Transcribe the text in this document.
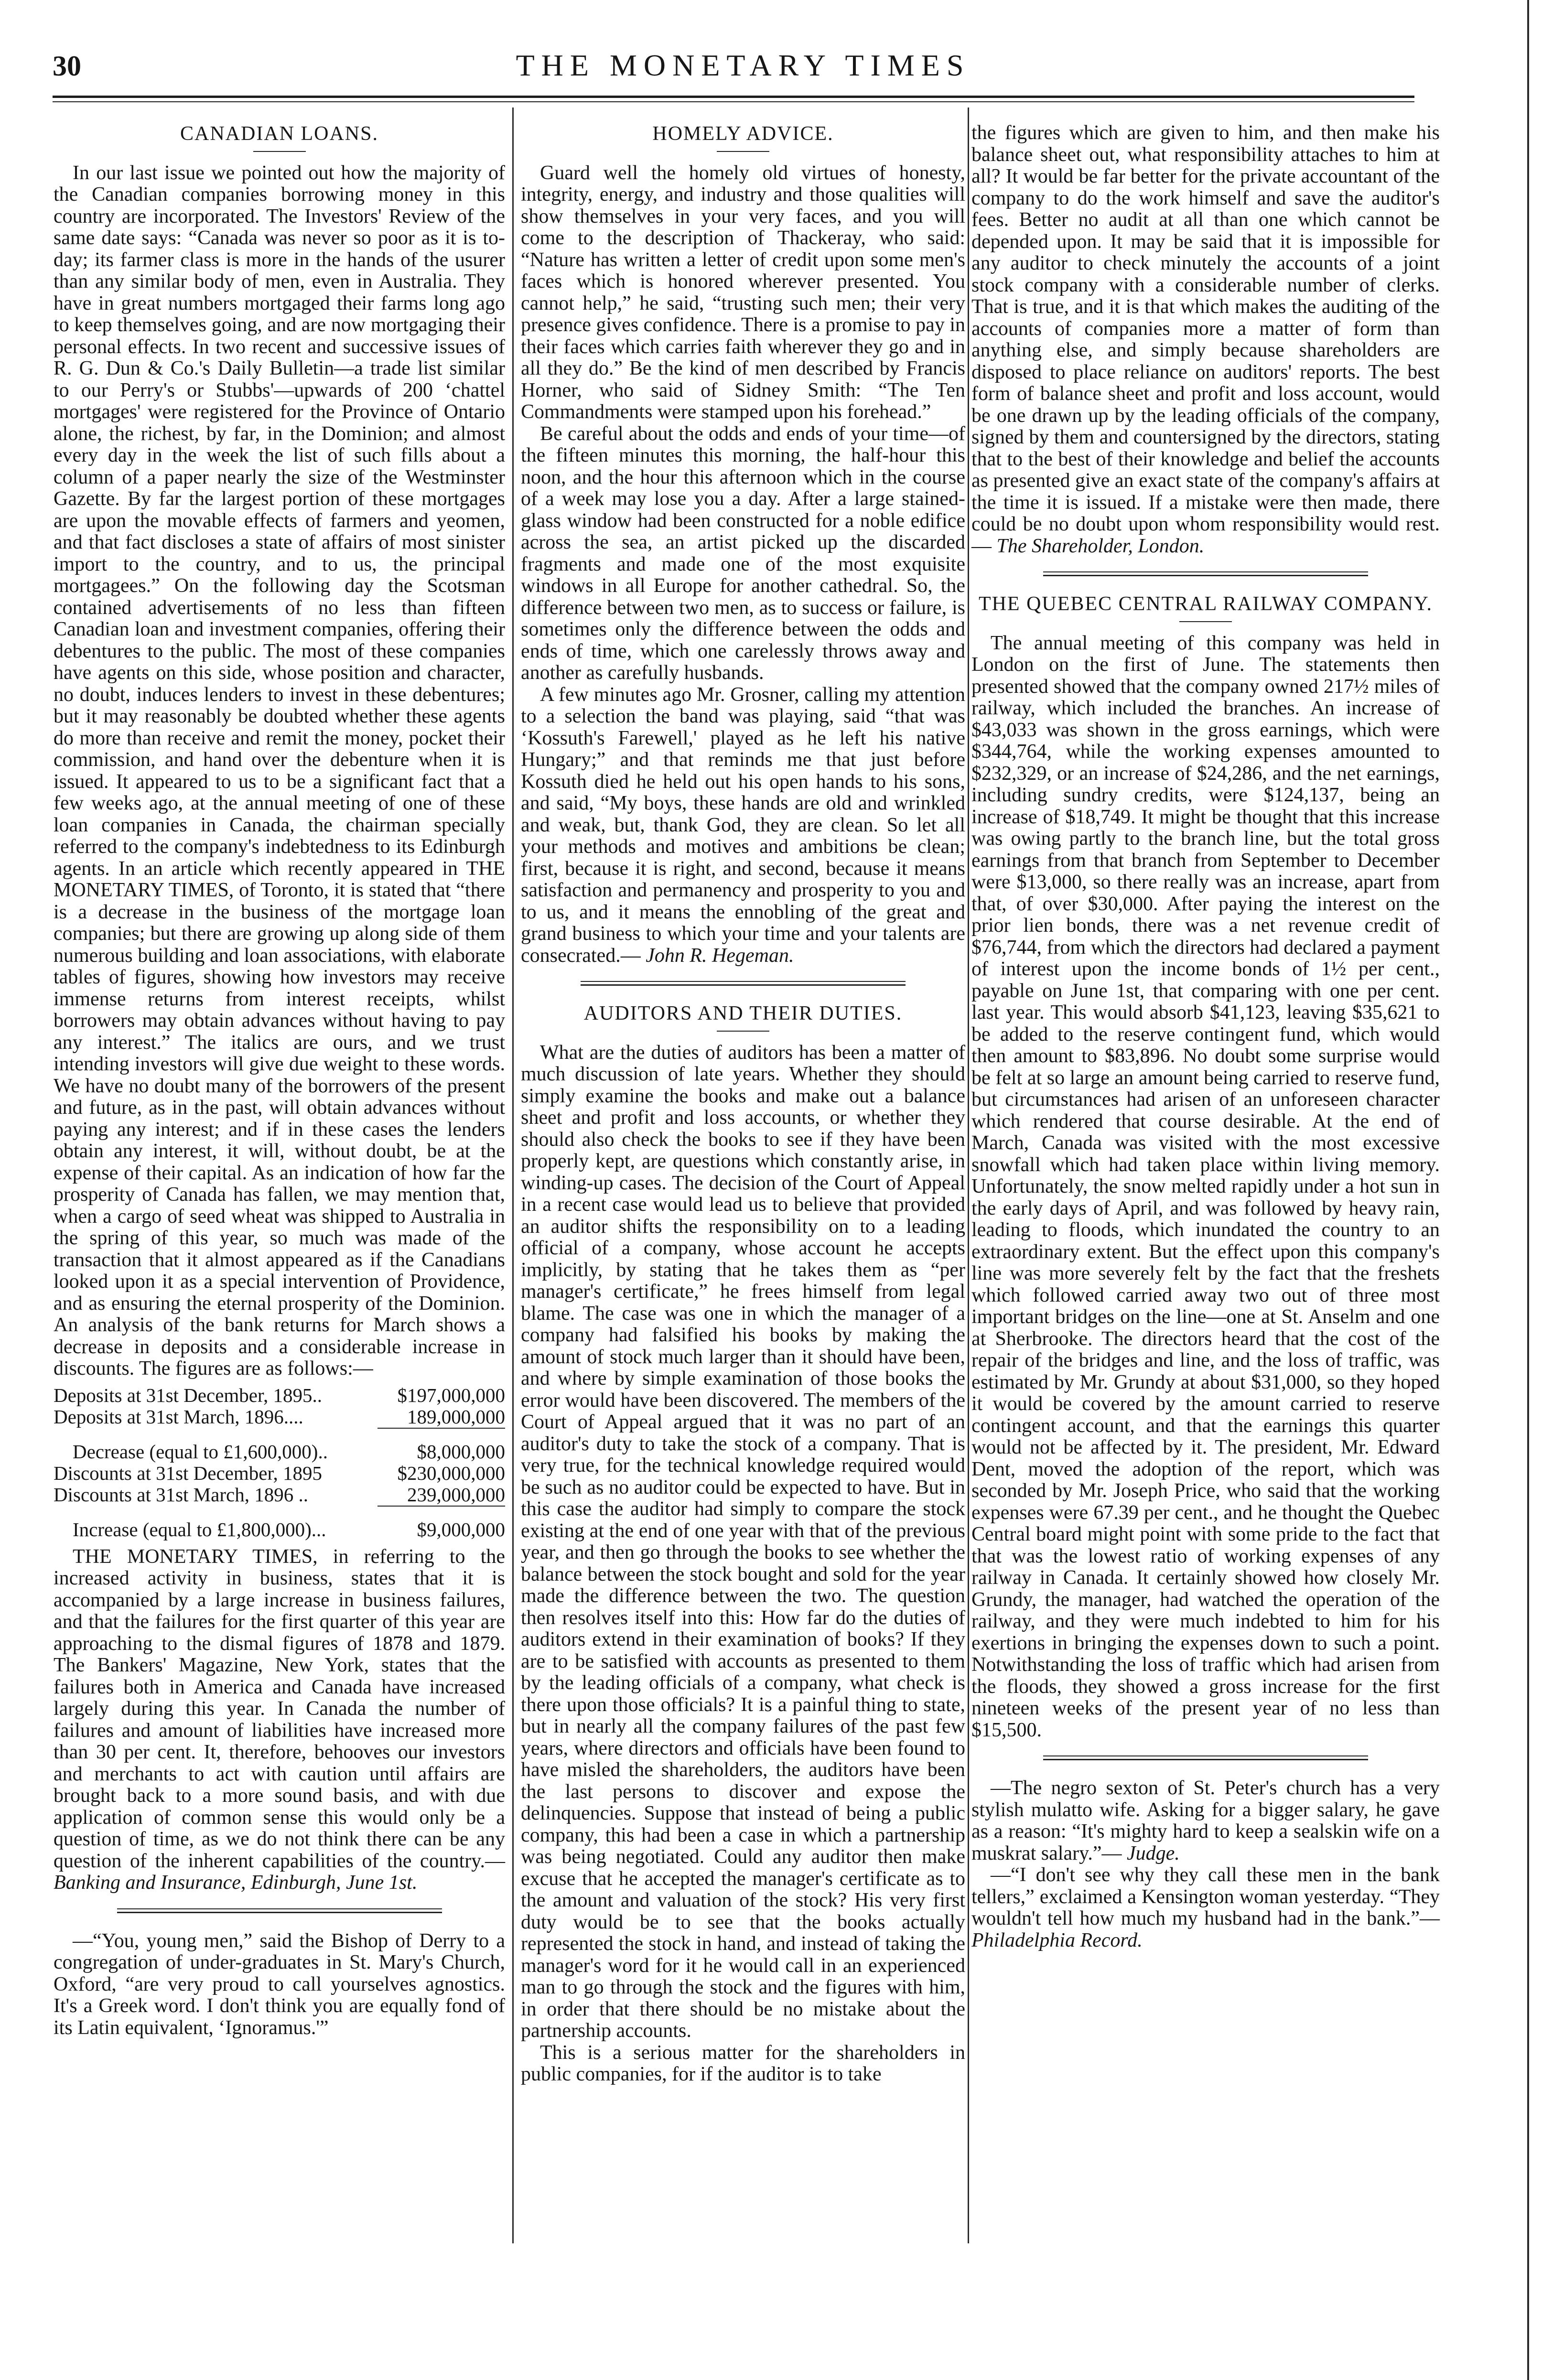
30	THE MONETARY TIMES
CANADIAN LOANS.

In our last issue we pointed out how the majority of the Canadian companies borrowing money in this country are incorporated. The Investors' Review of the same date says: “Canada was never so poor as it is to-day; its farmer class is more in the hands of the usurer than any similar body of men, even in Australia. They have in great numbers mortgaged their farms long ago to keep themselves going, and are now mortgaging their personal effects. In two recent and successive issues of R. G. Dun & Co.'s Daily Bulletin—a trade list similar to our Perry's or Stubbs'—upwards of 200 ‘chattel mortgages' were registered for the Province of Ontario alone, the richest, by far, in the Dominion; and almost every day in the week the list of such fills about a column of a paper nearly the size of the Westminster Gazette. By far the largest portion of these mortgages are upon the movable effects of farmers and yeomen, and that fact discloses a state of affairs of most sinister import to the country, and to us, the principal mortgagees.” On the following day the Scotsman contained advertisements of no less than fifteen Canadian loan and investment companies, offering their debentures to the public. The most of these companies have agents on this side, whose position and character, no doubt, induces lenders to invest in these debentures; but it may reasonably be doubted whether these agents do more than receive and remit the money, pocket their commission, and hand over the debenture when it is issued. It appeared to us to be a significant fact that a few weeks ago, at the annual meeting of one of these loan companies in Canada, the chairman specially referred to the company's indebtedness to its Edinburgh agents. In an article which recently appeared in THE MONETARY TIMES, of Toronto, it is stated that “there is a decrease in the business of the mortgage loan companies; but there are growing up along side of them numerous building and loan associations, with elaborate tables of figures, showing how investors may receive immense returns from interest receipts, whilst borrowers may obtain advances without having to pay any interest.” The italics are ours, and we trust intending investors will give due weight to these words. We have no doubt many of the borrowers of the present and future, as in the past, will obtain advances without paying any interest; and if in these cases the lenders obtain any interest, it will, without doubt, be at the expense of their capital. As an indication of how far the prosperity of Canada has fallen, we may mention that, when a cargo of seed wheat was shipped to Australia in the spring of this year, so much was made of the transaction that it almost appeared as if the Canadians looked upon it as a special intervention of Providence, and as ensuring the eternal prosperity of the Dominion. An analysis of the bank returns for March shows a decrease in deposits and a considerable increase in discounts. The figures are as follows:—

Deposits at 31st December, 1895..	$197,000,000
Deposits at 31st March, 1896....	189,000,000

Decrease (equal to £1,600,000)..	$8,000,000
Discounts at 31st December, 1895	$230,000,000
Discounts at 31st March, 1896 ..	239,000,000

Increase (equal to £1,800,000)...	$9,000,000

THE MONETARY TIMES, in referring to the increased activity in business, states that it is accompanied by a large increase in business failures, and that the failures for the first quarter of this year are approaching to the dismal figures of 1878 and 1879. The Bankers' Magazine, New York, states that the failures both in America and Canada have increased largely during this year. In Canada the number of failures and amount of liabilities have increased more than 30 per cent. It, therefore, behooves our investors and merchants to act with caution until affairs are brought back to a more sound basis, and with due application of common sense this would only be a question of time, as we do not think there can be any question of the inherent capabilities of the country.— Banking and Insurance, Edinburgh, June 1st.

—“You, young men,” said the Bishop of Derry to a congregation of under-graduates in St. Mary's Church, Oxford, “are very proud to call yourselves agnostics. It's a Greek word. I don't think you are equally fond of its Latin equivalent, ‘Ignoramus.'”

HOMELY ADVICE.

Guard well the homely old virtues of honesty, integrity, energy, and industry and those qualities will show themselves in your very faces, and you will come to the description of Thackeray, who said: “Nature has written a letter of credit upon some men's faces which is honored wherever presented. You cannot help,” he said, “trusting such men; their very presence gives confidence. There is a promise to pay in their faces which carries faith wherever they go and in all they do.” Be the kind of men described by Francis Horner, who said of Sidney Smith: “The Ten Commandments were stamped upon his forehead.”

Be careful about the odds and ends of your time—of the fifteen minutes this morning, the half-hour this noon, and the hour this afternoon which in the course of a week may lose you a day. After a large stained-glass window had been constructed for a noble edifice across the sea, an artist picked up the discarded fragments and made one of the most exquisite windows in all Europe for another cathedral. So, the difference between two men, as to success or failure, is sometimes only the difference between the odds and ends of time, which one carelessly throws away and another as carefully husbands.

A few minutes ago Mr. Grosner, calling my attention to a selection the band was playing, said “that was ‘Kossuth's Farewell,' played as he left his native Hungary;” and that reminds me that just before Kossuth died he held out his open hands to his sons, and said, “My boys, these hands are old and wrinkled and weak, but, thank God, they are clean. So let all your methods and motives and ambitions be clean; first, because it is right, and second, because it means satisfaction and permanency and prosperity to you and to us, and it means the ennobling of the great and grand business to which your time and your talents are consecrated.— John R. Hegeman.

AUDITORS AND THEIR DUTIES.

What are the duties of auditors has been a matter of much discussion of late years. Whether they should simply examine the books and make out a balance sheet and profit and loss accounts, or whether they should also check the books to see if they have been properly kept, are questions which constantly arise, in winding-up cases. The decision of the Court of Appeal in a recent case would lead us to believe that provided an auditor shifts the responsibility on to a leading official of a company, whose account he accepts implicitly, by stating that he takes them as “per manager's certificate,” he frees himself from legal blame. The case was one in which the manager of a company had falsified his books by making the amount of stock much larger than it should have been, and where by simple examination of those books the error would have been discovered. The members of the Court of Appeal argued that it was no part of an auditor's duty to take the stock of a company. That is very true, for the technical knowledge required would be such as no auditor could be expected to have. But in this case the auditor had simply to compare the stock existing at the end of one year with that of the previous year, and then go through the books to see whether the balance between the stock bought and sold for the year made the difference between the two. The question then resolves itself into this: How far do the duties of auditors extend in their examination of books? If they are to be satisfied with accounts as presented to them by the leading officials of a company, what check is there upon those officials? It is a painful thing to state, but in nearly all the company failures of the past few years, where directors and officials have been found to have misled the shareholders, the auditors have been the last persons to discover and expose the delinquencies. Suppose that instead of being a public company, this had been a case in which a partnership was being negotiated. Could any auditor then make excuse that he accepted the manager's certificate as to the amount and valuation of the stock? His very first duty would be to see that the books actually represented the stock in hand, and instead of taking the manager's word for it he would call in an experienced man to go through the stock and the figures with him, in order that there should be no mistake about the partnership accounts.

This is a serious matter for the shareholders in public companies, for if the auditor is to take

the figures which are given to him, and then make his balance sheet out, what responsibility attaches to him at all? It would be far better for the private accountant of the company to do the work himself and save the auditor's fees. Better no audit at all than one which cannot be depended upon. It may be said that it is impossible for any auditor to check minutely the accounts of a joint stock company with a considerable number of clerks. That is true, and it is that which makes the auditing of the accounts of companies more a matter of form than anything else, and simply because shareholders are disposed to place reliance on auditors' reports. The best form of balance sheet and profit and loss account, would be one drawn up by the leading officials of the company, signed by them and countersigned by the directors, stating that to the best of their knowledge and belief the accounts as presented give an exact state of the company's affairs at the time it is issued. If a mistake were then made, there could be no doubt upon whom responsibility would rest.— The Shareholder, London.

THE QUEBEC CENTRAL RAILWAY COMPANY.

The annual meeting of this company was held in London on the first of June. The statements then presented showed that the company owned 217½ miles of railway, which included the branches. An increase of $43,033 was shown in the gross earnings, which were $344,764, while the working expenses amounted to $232,329, or an increase of $24,286, and the net earnings, including sundry credits, were $124,137, being an increase of $18,749. It might be thought that this increase was owing partly to the branch line, but the total gross earnings from that branch from September to December were $13,000, so there really was an increase, apart from that, of over $30,000. After paying the interest on the prior lien bonds, there was a net revenue credit of $76,744, from which the directors had declared a payment of interest upon the income bonds of 1½ per cent., payable on June 1st, that comparing with one per cent. last year. This would absorb $41,123, leaving $35,621 to be added to the reserve contingent fund, which would then amount to $83,896. No doubt some surprise would be felt at so large an amount being carried to reserve fund, but circumstances had arisen of an unforeseen character which rendered that course desirable. At the end of March, Canada was visited with the most excessive snowfall which had taken place within living memory. Unfortunately, the snow melted rapidly under a hot sun in the early days of April, and was followed by heavy rain, leading to floods, which inundated the country to an extraordinary extent. But the effect upon this company's line was more severely felt by the fact that the freshets which followed carried away two out of three most important bridges on the line—one at St. Anselm and one at Sherbrooke. The directors heard that the cost of the repair of the bridges and line, and the loss of traffic, was estimated by Mr. Grundy at about $31,000, so they hoped it would be covered by the amount carried to reserve contingent account, and that the earnings this quarter would not be affected by it. The president, Mr. Edward Dent, moved the adoption of the report, which was seconded by Mr. Joseph Price, who said that the working expenses were 67.39 per cent., and he thought the Quebec Central board might point with some pride to the fact that that was the lowest ratio of working expenses of any railway in Canada. It certainly showed how closely Mr. Grundy, the manager, had watched the operation of the railway, and they were much indebted to him for his exertions in bringing the expenses down to such a point. Notwithstanding the loss of traffic which had arisen from the floods, they showed a gross increase for the first nineteen weeks of the present year of no less than $15,500.

—The negro sexton of St. Peter's church has a very stylish mulatto wife. Asking for a bigger salary, he gave as a reason: “It's mighty hard to keep a sealskin wife on a muskrat salary.”— Judge.

—“I don't see why they call these men in the bank tellers,” exclaimed a Kensington woman yesterday. “They wouldn't tell how much my husband had in the bank.”— Philadelphia Record.
